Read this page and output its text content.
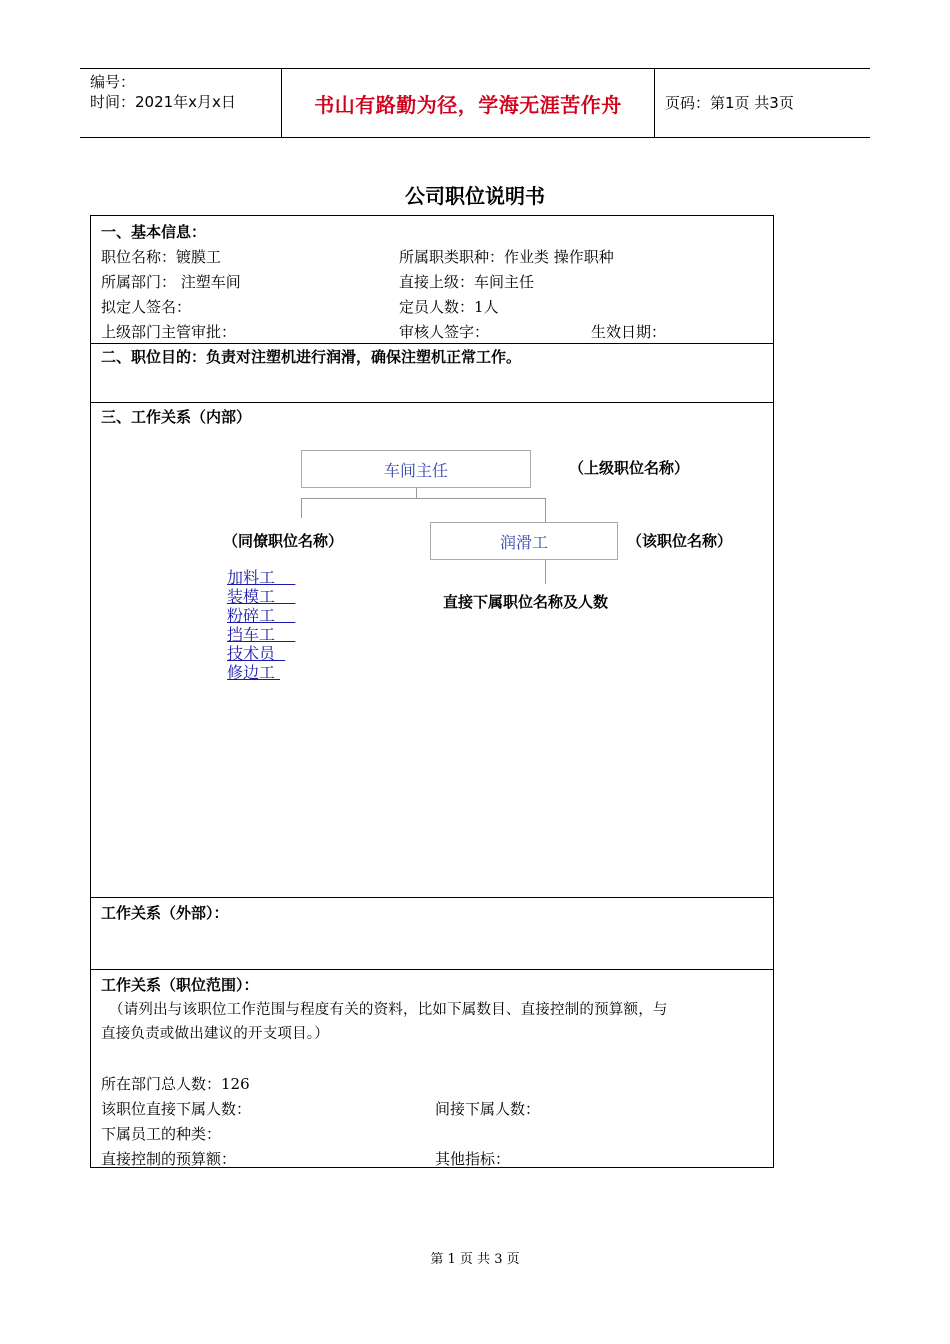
编号：
时间：2021年x月x日	书山有路勤为径，学海无涯苦作舟	页码：第1页 共3页
公司职位说明书
一、基本信息：
职位名称：镀膜工	所属职类职种：作业类 操作职种
所属部门： 注塑车间	直接上级：车间主任
拟定人签名：	定员人数：1人
上级部门主管审批：	审核人签字：	生效日期：
二、职位目的：负责对注塑机进行润滑，确保注塑机正常工作。
三、工作关系（内部）
车间主任	（上级职位名称）
（同僚职位名称）	润滑工	（该职位名称）
直接下属职位名称及人数
加料工
装模工
粉碎工
挡车工
技术员
修边工
工作关系（外部）：
工作关系（职位范围）：
（请列出与该职位工作范围与程度有关的资料，比如下属数目、直接控制的预算额，与
直接负责或做出建议的开支项目。）
所在部门总人数：126
该职位直接下属人数：	间接下属人数：
下属员工的种类：
直接控制的预算额：	其他指标：
第 1 页 共 3 页
